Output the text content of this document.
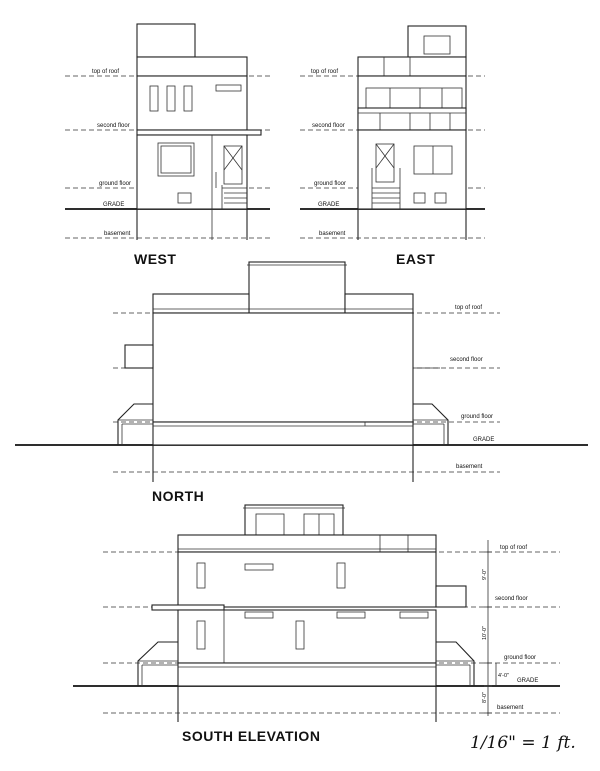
top of roof
second floor
ground floor
GRADE
basement
WEST
top of roof
second floor
ground floor
GRADE
basement
EAST
top of roof
second floor
ground floor
GRADE
basement
NORTH
9'-0"
10'-0"
4'-0"
8'-0"
top of roof
second floor
ground floor
GRADE
basement
SOUTH ELEVATION	1/16" = 1 ft.
